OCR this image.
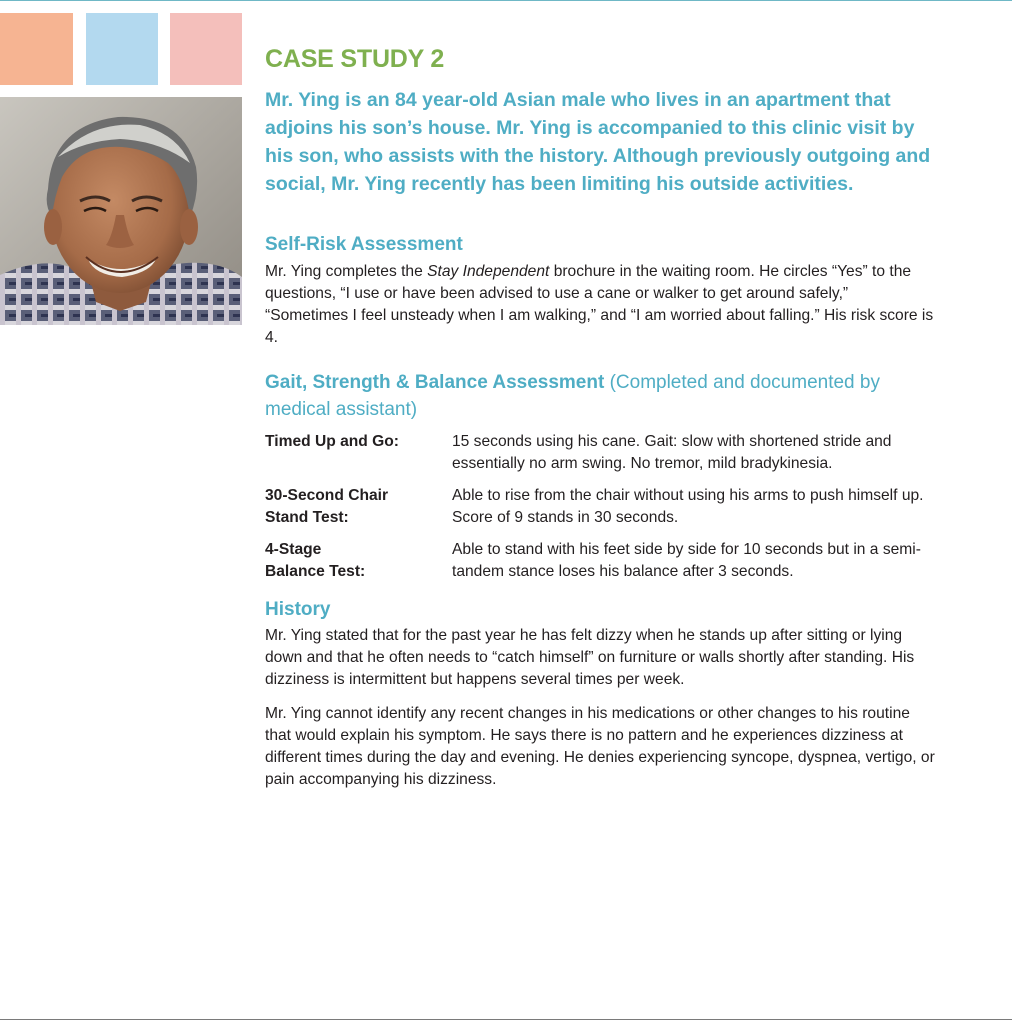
CASE STUDY 2
Mr. Ying is an 84 year-old Asian male who lives in an apartment that adjoins his son’s house. Mr. Ying is accompanied to this clinic visit by his son, who assists with the history. Although previously outgoing and social, Mr. Ying recently has been limiting his outside activities.
Self-Risk Assessment

Mr. Ying completes the Stay Independent brochure in the waiting room. He circles “Yes” to the questions, “I use or have been advised to use a cane or walker to get around safely,” “Sometimes I feel unsteady when I am walking,” and “I am worried about falling.” His risk score is 4.

Gait, Strength & Balance Assessment (Completed and documented by medical assistant)
Timed Up and Go:	15 seconds using his cane. Gait: slow with shortened stride and essentially no arm swing. No tremor, mild bradykinesia.
30-Second Chair
Stand Test:
Able to rise from the chair without using his arms to push himself up. Score of 9 stands in 30 seconds.
4-Stage
Balance Test:
Able to stand with his feet side by side for 10 seconds but in a semi-tandem stance loses his balance after 3 seconds.
History

Mr. Ying stated that for the past year he has felt dizzy when he stands up after sitting or lying down and that he often needs to “catch himself” on furniture or walls shortly after standing. His dizziness is intermittent but happens several times per week.

Mr. Ying cannot identify any recent changes in his medications or other changes to his routine that would explain his symptom. He says there is no pattern and he experiences dizziness at different times during the day and evening. He denies experiencing syncope, dyspnea, vertigo, or pain accompanying his dizziness.
